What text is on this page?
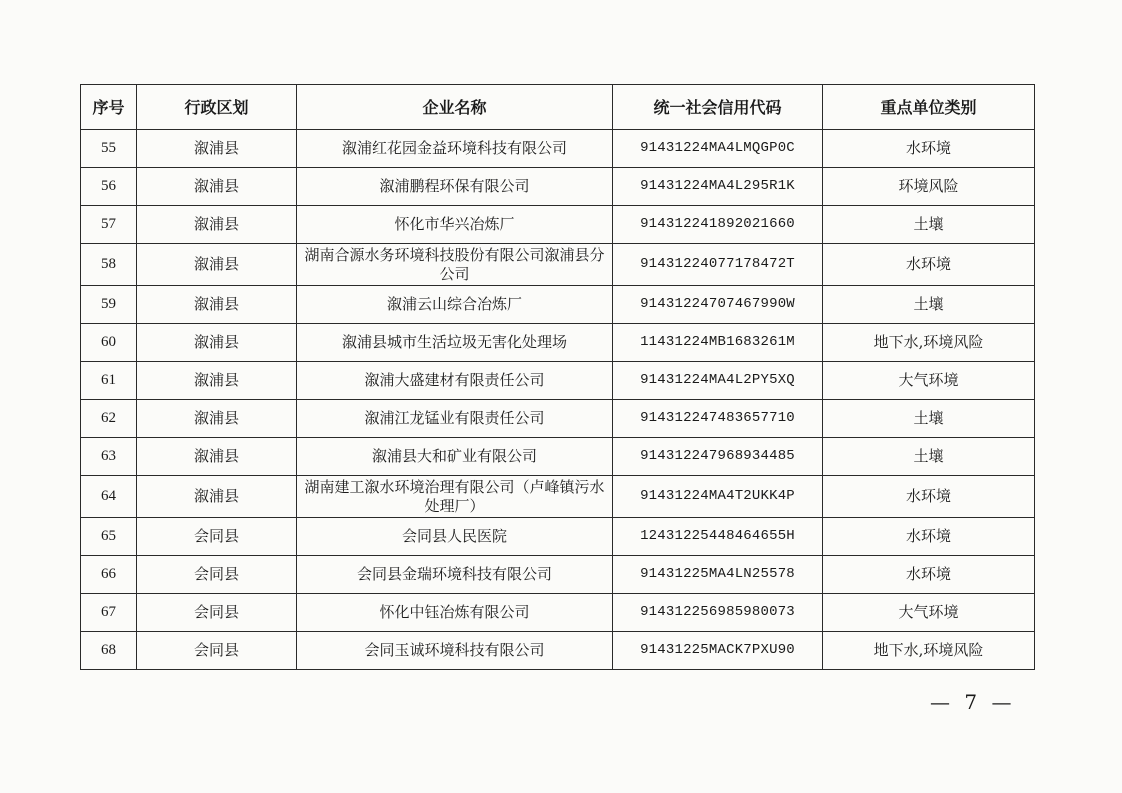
序号	行政区划	企业名称	统一社会信用代码	重点单位类别
55	溆浦县	溆浦红花园金益环境科技有限公司	91431224MA4LMQGP0C	水环境
56	溆浦县	溆浦鹏程环保有限公司	91431224MA4L295R1K	环境风险
57	溆浦县	怀化市华兴冶炼厂	914312241892021660	土壤
58	溆浦县	湖南合源水务环境科技股份有限公司溆浦县分公司	91431224077178472T	水环境
59	溆浦县	溆浦云山综合冶炼厂	91431224707467990W	土壤
60	溆浦县	溆浦县城市生活垃圾无害化处理场	11431224MB1683261M	地下水,环境风险
61	溆浦县	溆浦大盛建材有限责任公司	91431224MA4L2PY5XQ	大气环境
62	溆浦县	溆浦江龙锰业有限责任公司	914312247483657710	土壤
63	溆浦县	溆浦县大和矿业有限公司	914312247968934485	土壤
64	溆浦县	湖南建工溆水环境治理有限公司（卢峰镇污水处理厂）	91431224MA4T2UKK4P	水环境
65	会同县	会同县人民医院	12431225448464655H	水环境
66	会同县	会同县金瑞环境科技有限公司	91431225MA4LN25578	水环境
67	会同县	怀化中钰冶炼有限公司	914312256985980073	大气环境
68	会同县	会同玉诚环境科技有限公司	91431225MACK7PXU90	地下水,环境风险
— 7 —
